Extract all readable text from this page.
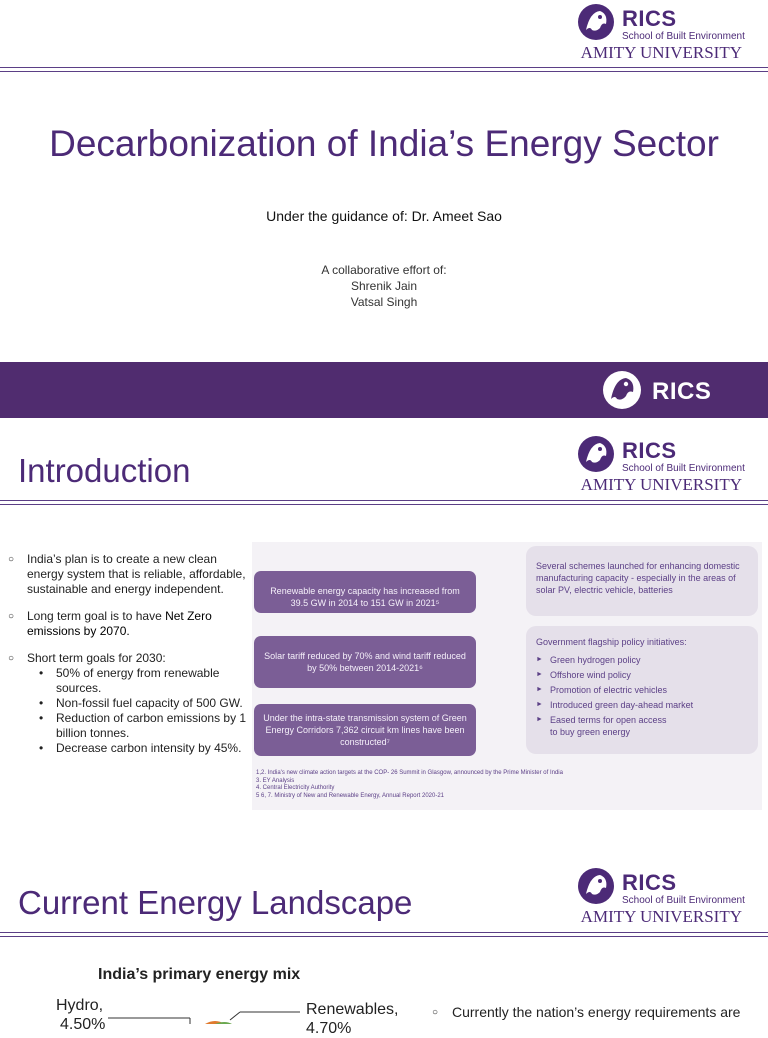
RICS
School of Built Environment
AMITY UNIVERSITY
Decarbonization of India’s Energy Sector
Under the guidance of: Dr. Ameet Sao
A collaborative effort of:
Shrenik Jain
Vatsal Singh
RICS
RICS
School of Built Environment
AMITY UNIVERSITY
Introduction
○ India’s plan is to create a new clean energy system that is reliable, affordable, sustainable and energy independent.
○ Long term goal is to have Net Zero emissions by 2070.
○ Short term goals for 2030:
• 50% of energy from renewable sources.
• Non-fossil fuel capacity of 500 GW.
• Reduction of carbon emissions by 1 billion tonnes.
• Decrease carbon intensity by 45%.
Renewable energy capacity has increased from 39.5 GW in 2014 to 151 GW in 2021⁵
Solar tariff reduced by 70% and wind tariff reduced by 50% between 2014-2021⁶
Under the intra-state transmission system of Green Energy Corridors 7,362 circuit km lines have been constructed⁷
Several schemes launched for enhancing domestic manufacturing capacity - especially in the areas of solar PV, electric vehicle, batteries
Government flagship policy initiatives:
► Green hydrogen policy
► Offshore wind policy
► Promotion of electric vehicles
► Introduced green day-ahead market
► Eased terms for open access to buy green energy
1,2. India's new climate action targets at the COP- 26 Summit in Glasgow, announced by the Prime Minister of India
3. EY Analysis
4. Central Electricity Authority
5 6, 7. Ministry of New and Renewable Energy, Annual Report 2020-21
RICS
School of Built Environment
AMITY UNIVERSITY
Current Energy Landscape
India’s primary energy mix
Hydro,
4.50%
Renewables,
4.70%
○ Currently the nation’s energy requirements are
